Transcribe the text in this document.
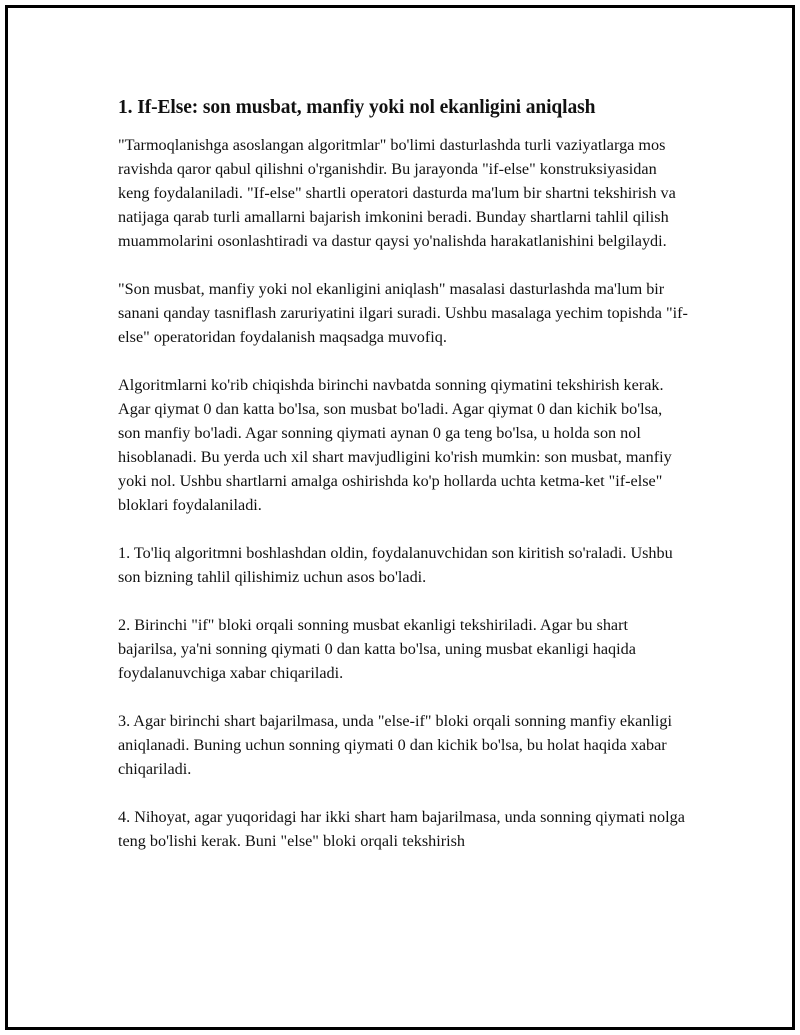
1. If-Else: son musbat, manfiy yoki nol ekanligini aniqlash

"Tarmoqlanishga asoslangan algoritmlar" bo'limi dasturlashda turli vaziyatlarga mos ravishda qaror qabul qilishni o'rganishdir. Bu jarayonda "if-else" konstruksiyasidan keng foydalaniladi. "If-else" shartli operatori dasturda ma'lum bir shartni tekshirish va natijaga qarab turli amallarni bajarish imkonini beradi. Bunday shartlarni tahlil qilish muammolarini osonlashtiradi va dastur qaysi yo'nalishda harakatlanishini belgilaydi.

"Son musbat, manfiy yoki nol ekanligini aniqlash" masalasi dasturlashda ma'lum bir sanani qanday tasniflash zaruriyatini ilgari suradi. Ushbu masalaga yechim topishda "if-else" operatoridan foydalanish maqsadga muvofiq.

Algoritmlarni ko'rib chiqishda birinchi navbatda sonning qiymatini tekshirish kerak. Agar qiymat 0 dan katta bo'lsa, son musbat bo'ladi. Agar qiymat 0 dan kichik bo'lsa, son manfiy bo'ladi. Agar sonning qiymati aynan 0 ga teng bo'lsa, u holda son nol hisoblanadi. Bu yerda uch xil shart mavjudligini ko'rish mumkin: son musbat, manfiy yoki nol. Ushbu shartlarni amalga oshirishda ko'p hollarda uchta ketma-ket "if-else" bloklari foydalaniladi.

1. To'liq algoritmni boshlashdan oldin, foydalanuvchidan son kiritish so'raladi. Ushbu son bizning tahlil qilishimiz uchun asos bo'ladi.

2. Birinchi "if" bloki orqali sonning musbat ekanligi tekshiriladi. Agar bu shart bajarilsa, ya'ni sonning qiymati 0 dan katta bo'lsa, uning musbat ekanligi haqida foydalanuvchiga xabar chiqariladi.

3. Agar birinchi shart bajarilmasa, unda "else-if" bloki orqali sonning manfiy ekanligi aniqlanadi. Buning uchun sonning qiymati 0 dan kichik bo'lsa, bu holat haqida xabar chiqariladi.

4. Nihoyat, agar yuqoridagi har ikki shart ham bajarilmasa, unda sonning qiymati nolga teng bo'lishi kerak. Buni "else" bloki orqali tekshirish
